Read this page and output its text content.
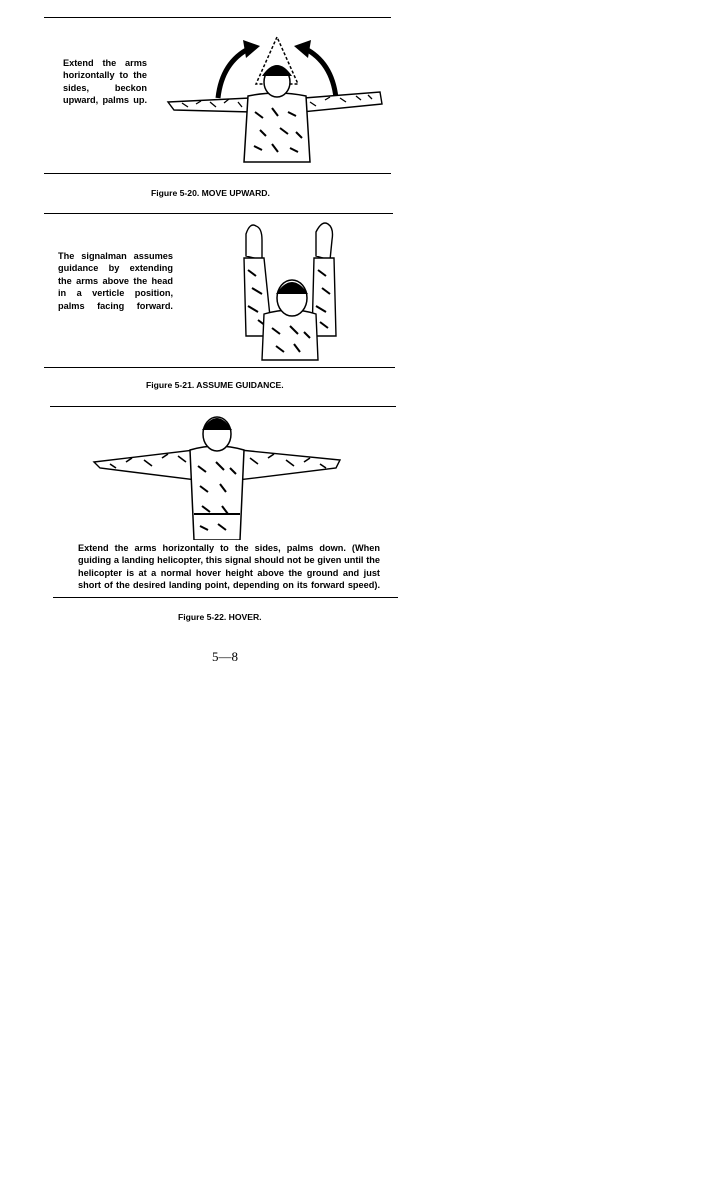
Extend the arms horizontally to the sides, beckon upward, palms up.
Figure 5-20. MOVE UPWARD.
The signalman assumes guidance by extending the arms above the head in a verticle position, palms facing forward.
Figure 5-21. ASSUME GUIDANCE.
Extend the arms horizontally to the sides, palms down. (When guiding a landing helicopter, this signal should not be given until the helicopter is at a normal hover height above the ground and just short of the desired landing point, depending on its forward speed).
Figure 5-22. HOVER.
5—8
